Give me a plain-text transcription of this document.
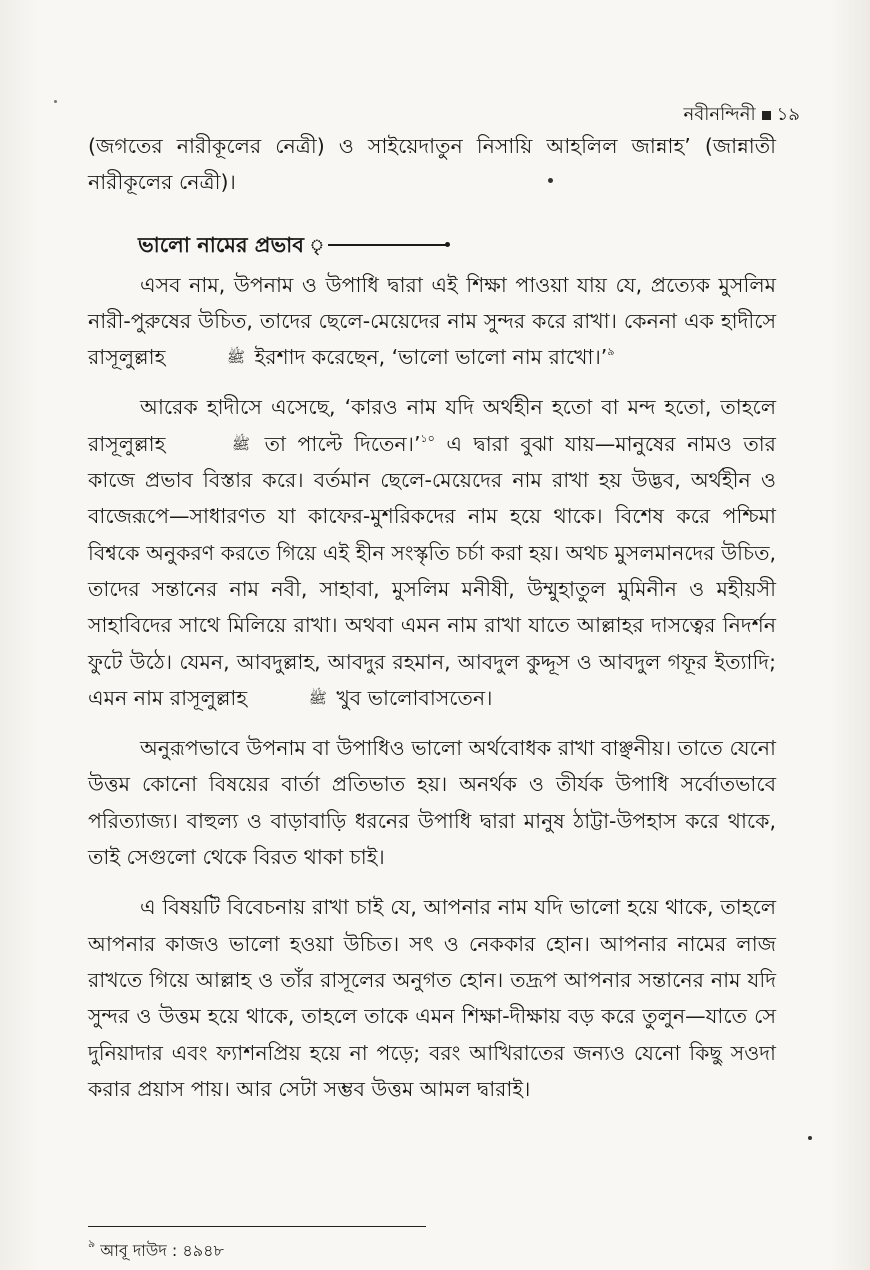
নবীনন্দিনী ১৯

(জগতের নারীকূলের নেত্রী) ও সাইয়েদাতুন নিসায়ি আহলিল জান্নাহ’ (জান্নাতী নারীকূলের নেত্রী)।

ভালো নামের প্রভাব ৃ

এসব নাম, উপনাম ও উপাধি দ্বারা এই শিক্ষা পাওয়া যায় যে, প্রত্যেক মুসলিম নারী-পুরুষের উচিত, তাদের ছেলে-মেয়েদের নাম সুন্দর করে রাখা। কেননা এক হাদীসে রাসূলুল্লাহ	ﷺ ইরশাদ করেছেন, ‘ভালো ভালো নাম রাখো।’$^৯$

আরেক হাদীসে এসেছে, ‘কারও নাম যদি অর্থহীন হতো বা মন্দ হতো, তাহলে রাসূলুল্লাহ	ﷺ তা পাল্টে দিতেন।’$^{১০}$ এ দ্বারা বুঝা যায়—মানুষের নামও তার কাজে প্রভাব বিস্তার করে। বর্তমান ছেলে-মেয়েদের নাম রাখা হয় উদ্ভব, অর্থহীন ও বাজেরূপে—সাধারণত যা কাফের-মুশরিকদের নাম হয়ে থাকে। বিশেষ করে পশ্চিমা বিশ্বকে অনুকরণ করতে গিয়ে এই হীন সংস্কৃতি চর্চা করা হয়। অথচ মুসলমানদের উচিত, তাদের সন্তানের নাম নবী, সাহাবা, মুসলিম মনীষী, উম্মুহাতুল মুমিনীন ও মহীয়সী সাহাবিদের সাথে মিলিয়ে রাখা। অথবা এমন নাম রাখা যাতে আল্লাহর দাসত্বের নিদর্শন ফুটে উঠে। যেমন, আবদুল্লাহ, আবদুর রহমান, আবদুল কুদ্দূস ও আবদুল গফূর ইত্যাদি; এমন নাম রাসূলুল্লাহ	ﷺ খুব ভালোবাসতেন।

অনুরূপভাবে উপনাম বা উপাধিও ভালো অর্থবোধক রাখা বাঞ্ছনীয়। তাতে যেনো উত্তম কোনো বিষয়ের বার্তা প্রতিভাত হয়। অনর্থক ও তীর্যক উপাধি সর্বোতভাবে পরিত্যাজ্য। বাহুল্য ও বাড়াবাড়ি ধরনের উপাধি দ্বারা মানুষ ঠাট্টা-উপহাস করে থাকে, তাই সেগুলো থেকে বিরত থাকা চাই।

এ বিষয়টি বিবেচনায় রাখা চাই যে, আপনার নাম যদি ভালো হয়ে থাকে, তাহলে আপনার কাজও ভালো হওয়া উচিত। সৎ ও নেককার হোন। আপনার নামের লাজ রাখতে গিয়ে আল্লাহ ও তাঁর রাসূলের অনুগত হোন। তদ্রূপ আপনার সন্তানের নাম যদি সুন্দর ও উত্তম হয়ে থাকে, তাহলে তাকে এমন শিক্ষা-দীক্ষায় বড় করে তুলুন—যাতে সে দুনিয়াদার এবং ফ্যাশনপ্রিয় হয়ে না পড়ে; বরং আখিরাতের জন্যও যেনো কিছু সওদা করার প্রয়াস পায়। আর সেটা সম্ভব উত্তম আমল দ্বারাই।

$^৯$ আবূ দাউদ : ৪৯৪৮
